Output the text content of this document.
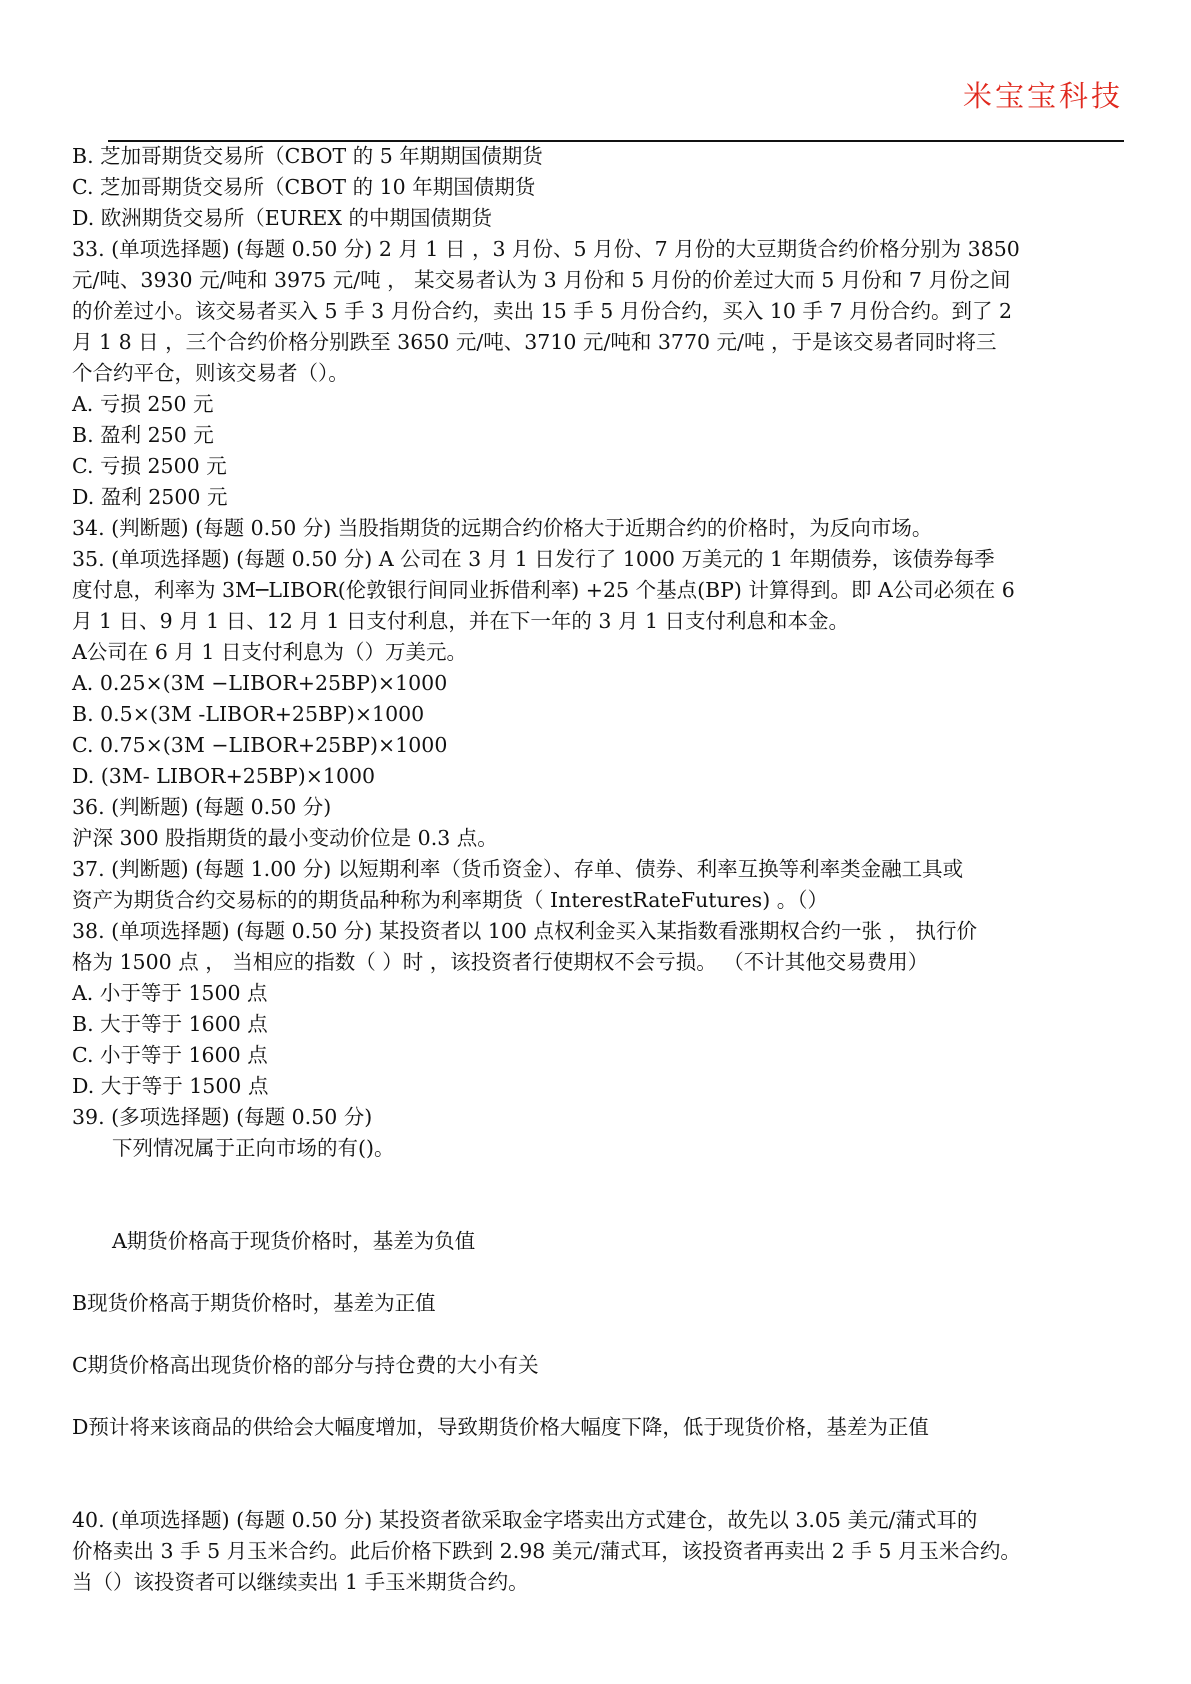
米宝宝科技
B. 芝加哥期货交易所（CBOT 的 5 年期期国债期货
C. 芝加哥期货交易所（CBOT 的 10 年期国债期货
D. 欧洲期货交易所（EUREX 的中期国债期货
33. (单项选择题) (每题 0.50 分) 2 月 1 日 ，3 月份、5 月份、7 月份的大豆期货合约价格分别为 3850
元/吨、3930 元/吨和 3975 元/吨 ， 某交易者认为 3 月份和 5 月份的价差过大而 5 月份和 7 月份之间
的价差过小。该交易者买入 5 手 3 月份合约，卖出 15 手 5 月份合约，买入 10 手 7 月份合约。到了 2
月 1 8 日 ，三个合约价格分别跌至 3650 元/吨、3710 元/吨和 3770 元/吨 ，于是该交易者同时将三
个合约平仓，则该交易者（）。
A. 亏损 250 元
B. 盈利 250 元
C. 亏损 2500 元
D. 盈利 2500 元
34. (判断题) (每题 0.50 分) 当股指期货的远期合约价格大于近期合约的价格时，为反向市场。
35. (单项选择题) (每题 0.50 分) A 公司在 3 月 1 日发行了 1000 万美元的 1 年期债券，该债券每季
度付息，利率为 3M─LIBOR(伦敦银行间同业拆借利率) +25 个基点(BP) 计算得到。即 A公司必须在 6
月 1 日、9 月 1 日、12 月 1 日支付利息，并在下一年的 3 月 1 日支付利息和本金。
A公司在 6 月 1 日支付利息为（）万美元。
A. 0.25×(3M −LIBOR+25BP)×1000
B. 0.5×(3M -LIBOR+25BP)×1000
C. 0.75×(3M −LIBOR+25BP)×1000
D. (3M- LIBOR+25BP)×1000
36. (判断题) (每题 0.50 分)
沪深 300 股指期货的最小变动价位是 0.3 点。
37. (判断题) (每题 1.00 分) 以短期利率（货币资金）、存单、债券、利率互换等利率类金融工具或
资产为期货合约交易标的的期货品种称为利率期货（ InterestRateFutures) 。（）
38. (单项选择题) (每题 0.50 分) 某投资者以 100 点权利金买入某指数看涨期权合约一张 ， 执行价
格为 1500 点 ， 当相应的指数（ ）时 ，该投资者行使期权不会亏损。 （不计其他交易费用）
A. 小于等于 1500 点
B. 大于等于 1600 点
C. 小于等于 1600 点
D. 大于等于 1500 点
39. (多项选择题) (每题 0.50 分)
下列情况属于正向市场的有()。
A期货价格高于现货价格时，基差为负值
B现货价格高于期货价格时，基差为正值
C期货价格高出现货价格的部分与持仓费的大小有关
D预计将来该商品的供给会大幅度增加，导致期货价格大幅度下降，低于现货价格，基差为正值
40. (单项选择题) (每题 0.50 分) 某投资者欲采取金字塔卖出方式建仓，故先以 3.05 美元/蒲式耳的
价格卖出 3 手 5 月玉米合约。此后价格下跌到 2.98 美元/蒲式耳，该投资者再卖出 2 手 5 月玉米合约。
当（）该投资者可以继续卖出 1 手玉米期货合约。
